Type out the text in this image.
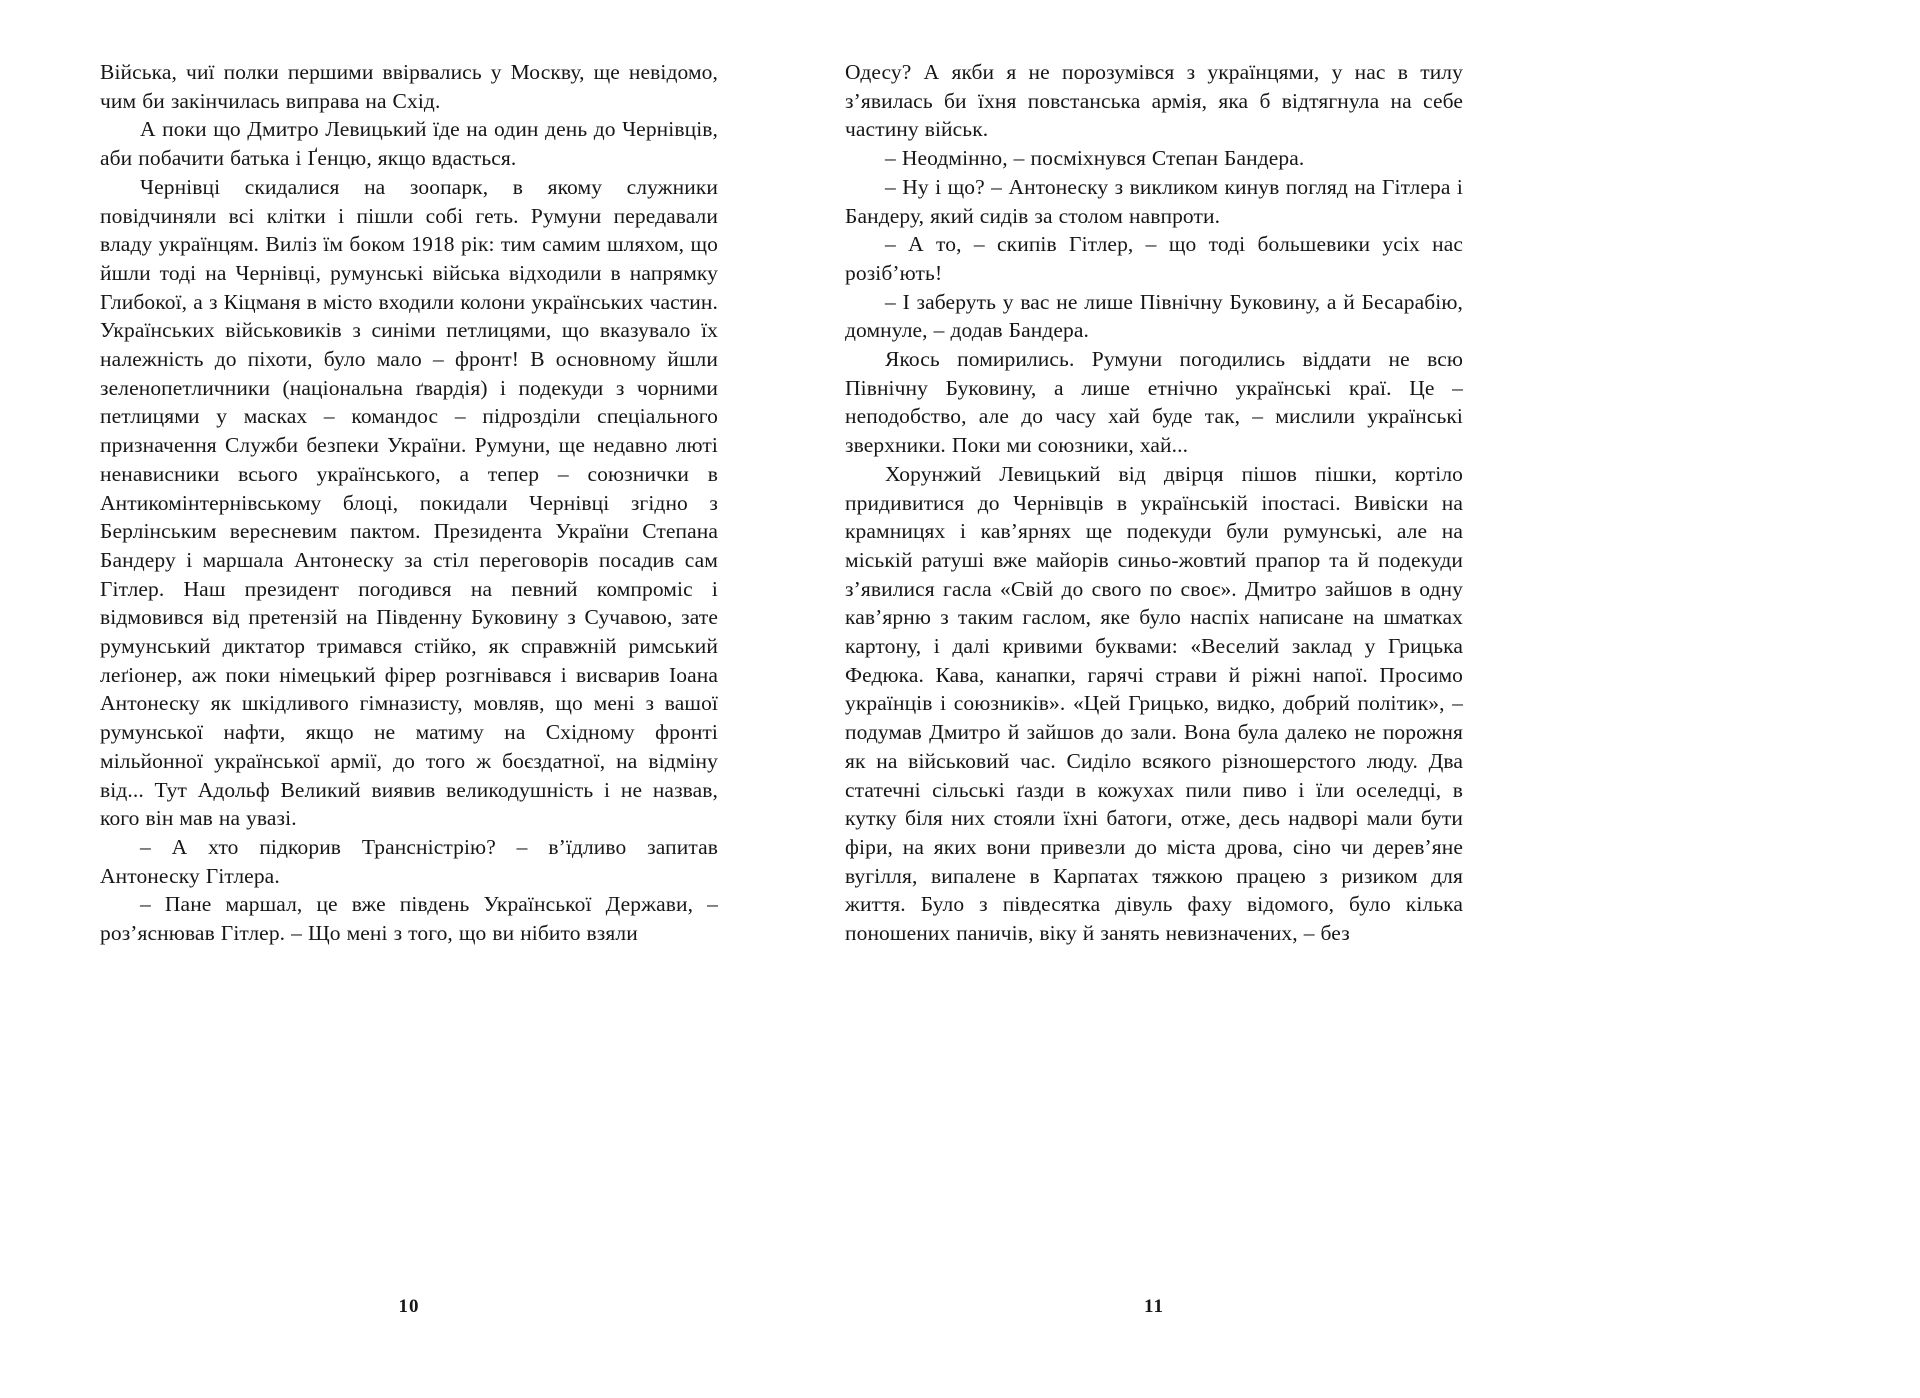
Війська, чиї полки першими ввірвались у Москву, ще невідомо, чим би закінчилась виправа на Схід.

А поки що Дмитро Левицький їде на один день до Чернівців, аби побачити батька і Ґенцю, якщо вдасться.

Чернівці скидалися на зоопарк, в якому служники повідчиняли всі клітки і пішли собі геть. Румуни передавали владу українцям. Виліз їм боком 1918 рік: тим самим шляхом, що йшли тоді на Чернівці, румунські війська відходили в напрямку Глибокої, а з Кіцманя в місто входили колони українських частин. Українських військовиків з синіми петлицями, що вказувало їх належність до піхоти, було мало – фронт! В основному йшли зеленопетличники (національна ґвардія) і подекуди з чорними петлицями у масках – командос – підрозділи спеціального призначення Служби безпеки України. Румуни, ще недавно люті ненависники всього українського, а тепер – союзнички в Антикомінтернівському блоці, покидали Чернівці згідно з Берлінським вересневим пактом. Президента України Степана Бандеру і маршала Антонеску за стіл переговорів посадив сам Гітлер. Наш президент погодився на певний компроміс і відмовився від претензій на Південну Буковину з Сучавою, зате румунський диктатор тримався стійко, як справжній римський леґіонер, аж поки німецький фірер розгнівався і висварив Іоана Антонеску як шкідливого гімназисту, мовляв, що мені з вашої румунської нафти, якщо не матиму на Східному фронті мільйонної української армії, до того ж боєздатної, на відміну від... Тут Адольф Великий виявив великодушність і не назвав, кого він мав на увазі.

– А хто підкорив Трансністрію? – в’їдливо запитав Антонеску Гітлера.

– Пане маршал, це вже південь Української Держави, – роз’яснював Гітлер. – Що мені з того, що ви нібито взяли

Одесу? А якби я не порозумівся з українцями, у нас в тилу з’явилась би їхня повстанська армія, яка б відтягнула на себе частину військ.

– Неодмінно, – посміхнувся Степан Бандера.

– Ну і що? – Антонеску з викликом кинув погляд на Гітлера і Бандеру, який сидів за столом навпроти.

– А то, – скипів Гітлер, – що тоді большевики усіх нас розіб’ють!

– І заберуть у вас не лише Північну Буковину, а й Бесарабію, домнуле, – додав Бандера.

Якось помирились. Румуни погодились віддати не всю Північну Буковину, а лише етнічно українські краї. Це – неподобство, але до часу хай буде так, – мислили українські зверхники. Поки ми союзники, хай...

Хорунжий Левицький від двірця пішов пішки, кортіло придивитися до Чернівців в українській іпостасі. Вивіски на крамницях і кав’ярнях ще подекуди були румунські, але на міській ратуші вже майорів синьо-жовтий прапор та й подекуди з’явилися гасла «Свій до свого по своє». Дмитро зайшов в одну кав’ярню з таким гаслом, яке було наспіх написане на шматках картону, і далі кривими буквами: «Веселий заклад у Грицька Федюка. Кава, канапки, гарячі страви й ріжні напої. Просимо українців і союзників». «Цей Грицько, видко, добрий політик», – подумав Дмитро й зайшов до зали. Вона була далеко не порожня як на військовий час. Сиділо всякого різношерстого люду. Два статечні сільські ґазди в кожухах пили пиво і їли оселедці, в кутку біля них стояли їхні батоги, отже, десь надворі мали бути фіри, на яких вони привезли до міста дрова, сіно чи дерев’яне вугілля, випалене в Карпатах тяжкою працею з ризиком для життя. Було з півдесятка дівуль фаху відомого, було кілька поношених паничів, віку й занять невизначених, – без

10	11
